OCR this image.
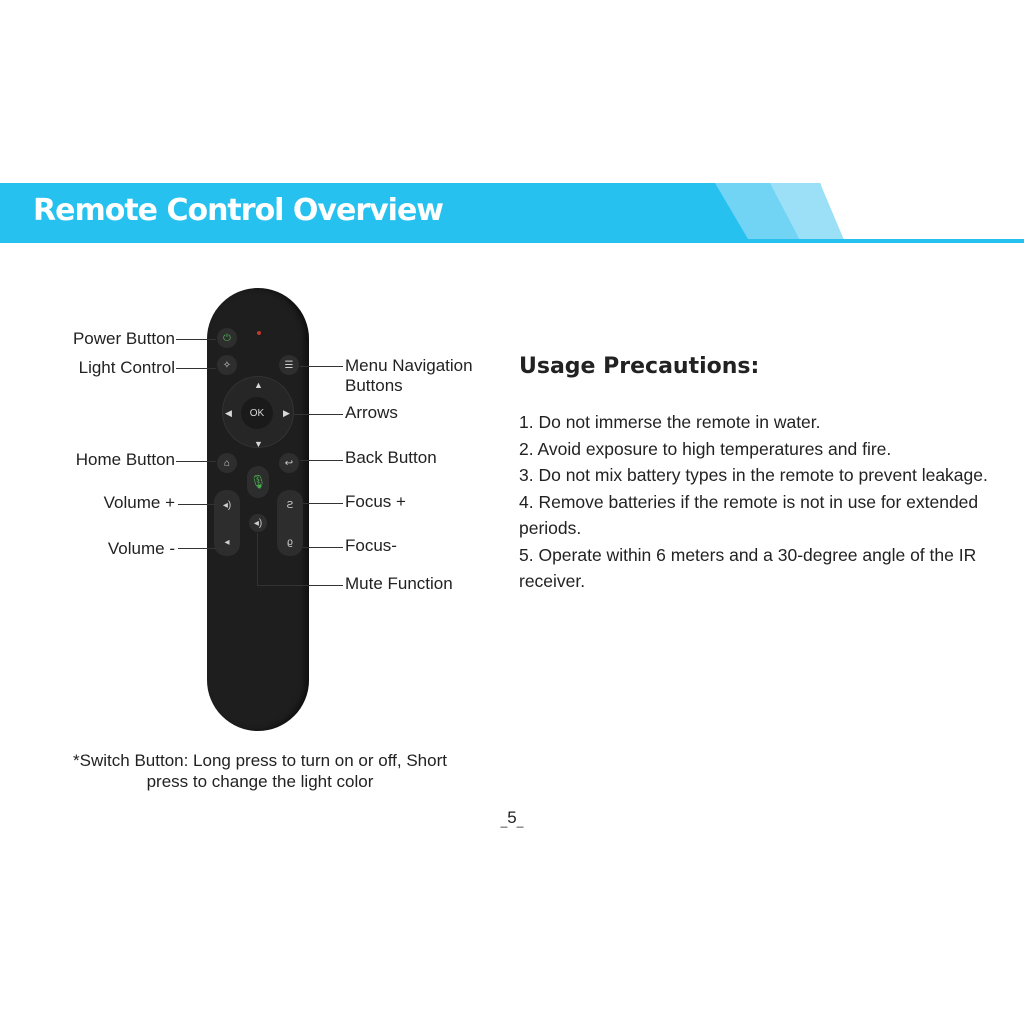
Remote Control Overview
⏻
✧	☰
OK
▲
▼
◀	▶
⌂	↩
🎙
◂)
◂
◂)
ϩ
ϱ
Power Button
Light Control
Home Button
Volume +
Volume -
Menu Navigation
Buttons
Arrows
Back Button
Focus +
Focus-
Mute Function
*Switch Button: Long press to turn on or off, Short
press to change the light color
Usage Precautions:
1. Do not immerse the remote in water.
2. Avoid exposure to high temperatures and fire.
3. Do not mix battery types in the remote to prevent leakage.
4. Remove batteries if the remote is not in use for extended periods.
5. Operate within 6 meters and a 30-degree angle of the IR receiver.
_5_
